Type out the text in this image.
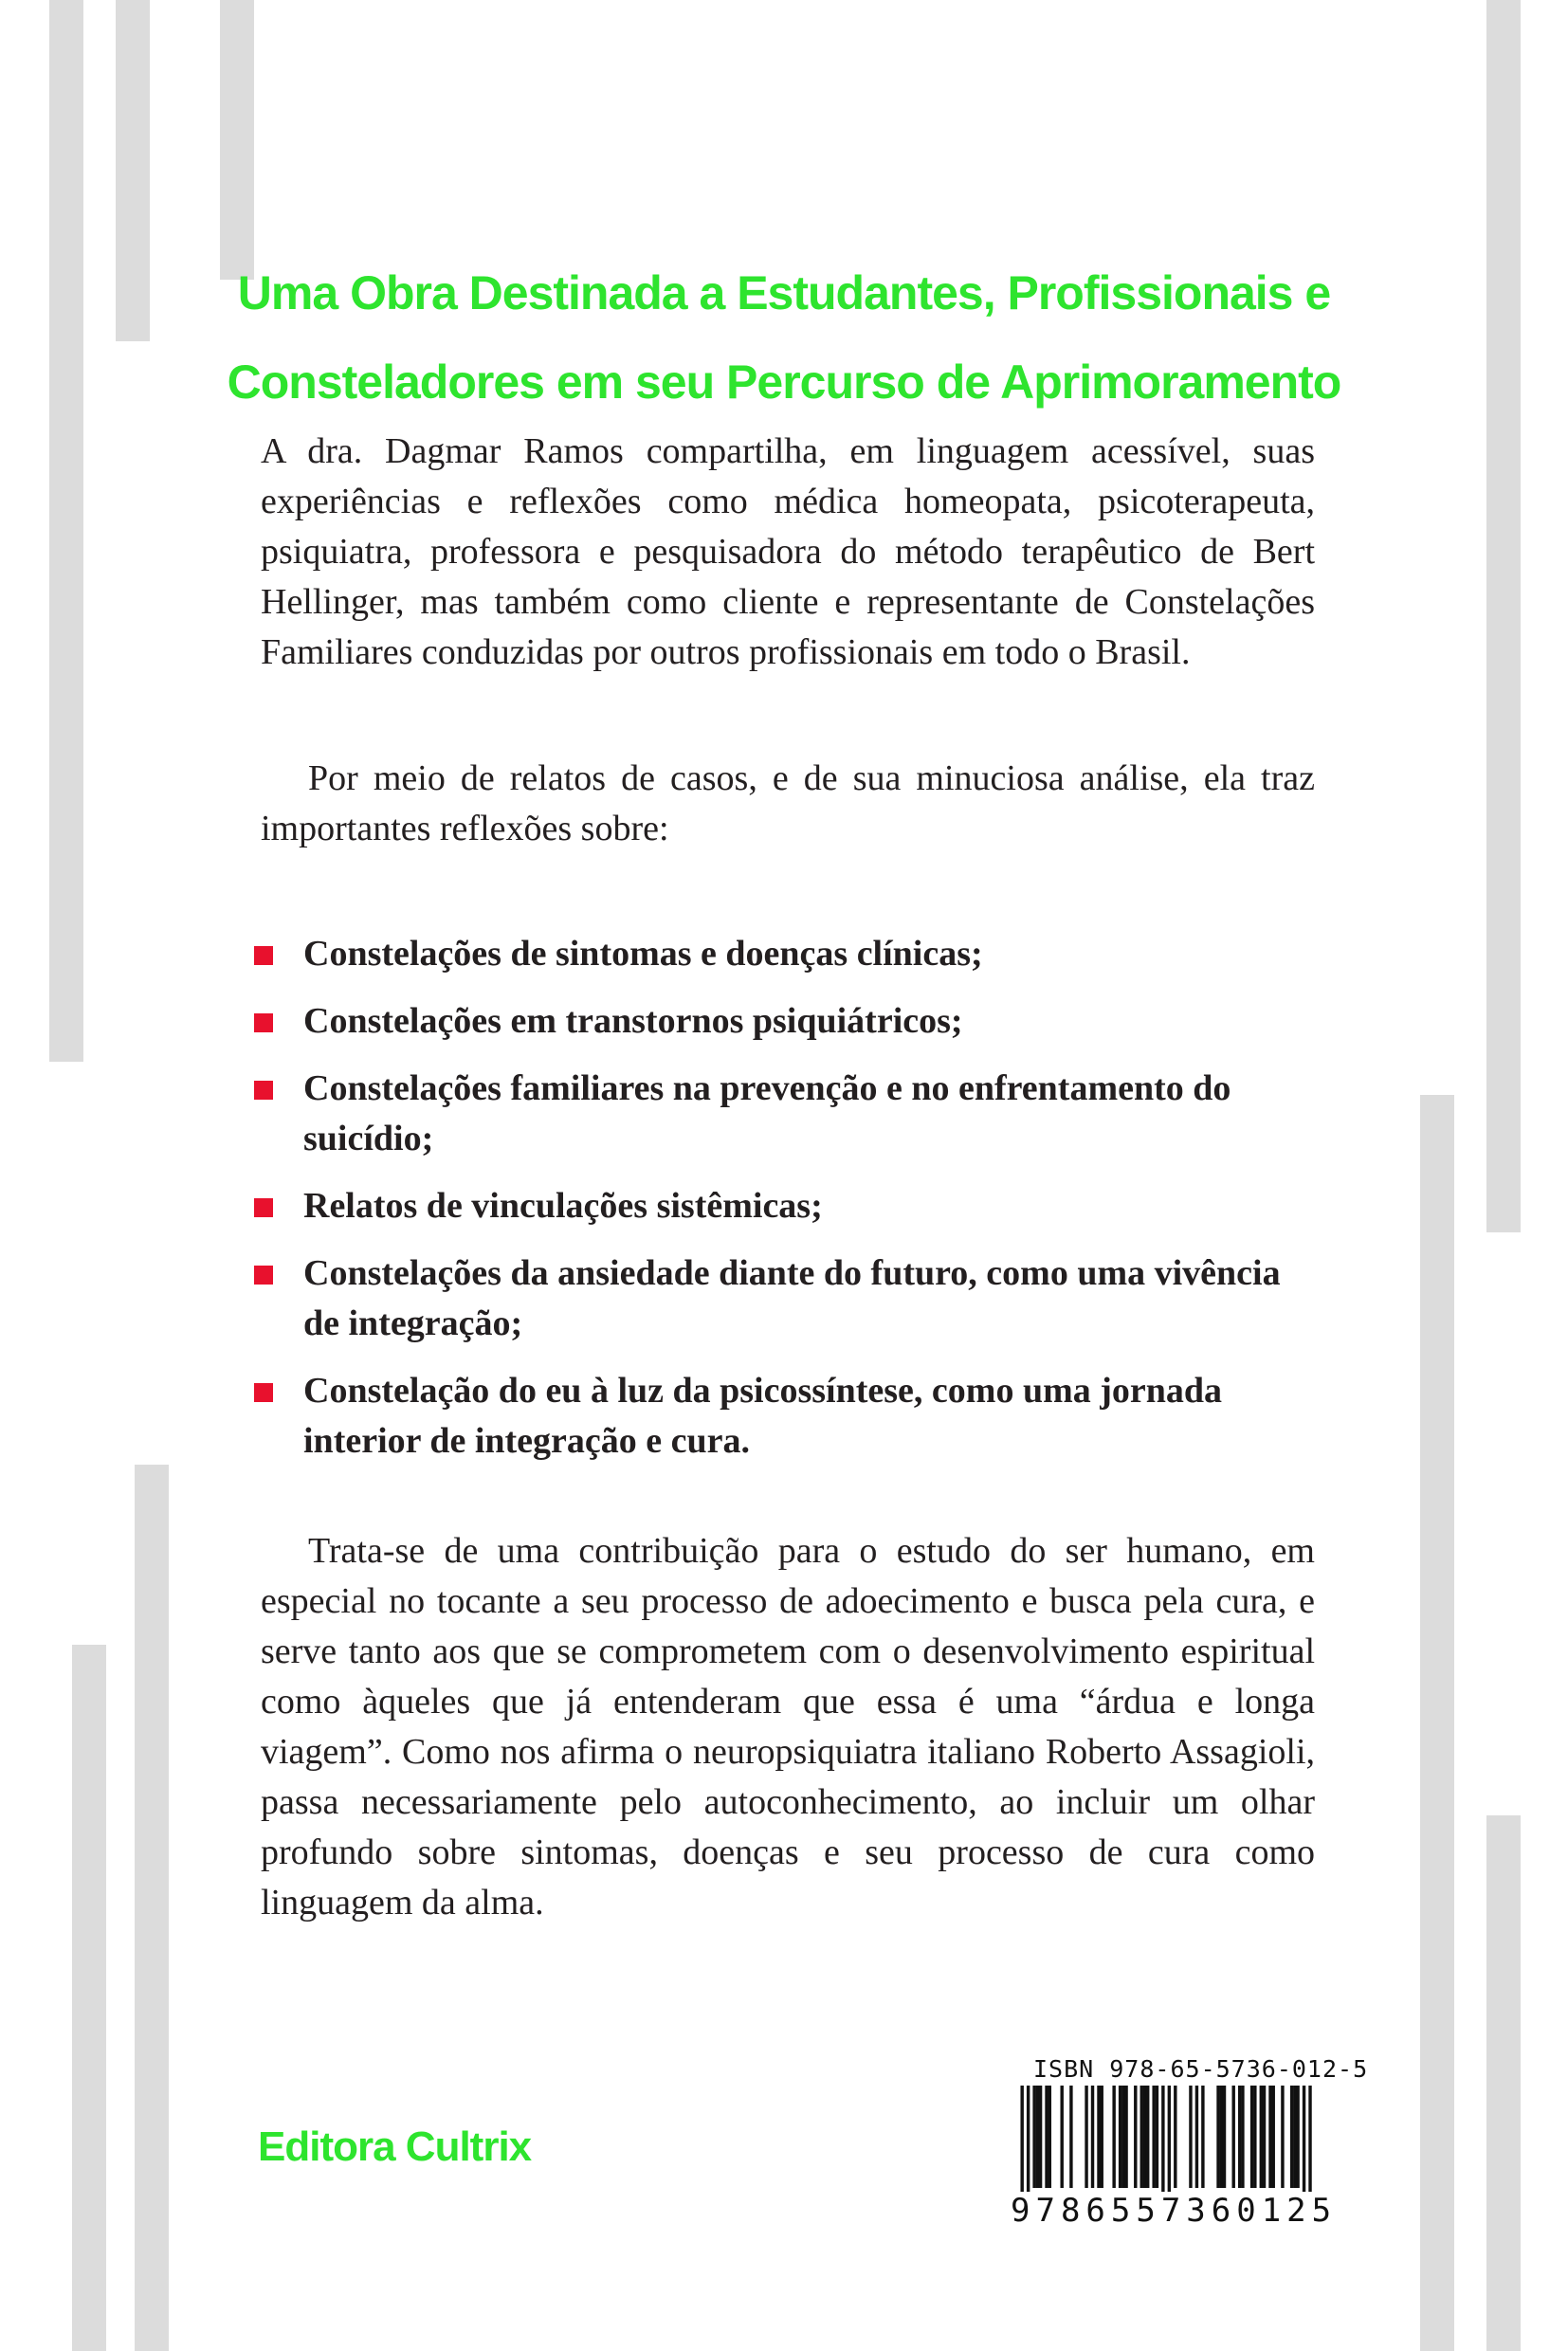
Uma Obra Destinada a Estudantes, Profissionais e
Consteladores em seu Percurso de Aprimoramento

A dra. Dagmar Ramos compartilha, em linguagem acessível, suas experiências e reflexões como médica homeopata, psicoterapeuta, psiquiatra, professora e pesquisadora do método terapêutico de Bert Hellinger, mas também como cliente e representante de Constelações Familiares conduzidas por outros profissionais em todo o Brasil.

Por meio de relatos de casos, e de sua minuciosa análise, ela traz importantes reflexões sobre:

Constelações de sintomas e doenças clínicas;
Constelações em transtornos psiquiátricos;
Constelações familiares na prevenção e no enfrentamento do suicídio;
Relatos de vinculações sistêmicas;
Constelações da ansiedade diante do futuro, como uma vivência de integração;
Constelação do eu à luz da psicossíntese, como uma jornada interior de integração e cura.

Trata-se de uma contribuição para o estudo do ser humano, em especial no tocante a seu processo de adoecimento e busca pela cura, e serve tanto aos que se comprometem com o desenvolvimento espiritual como àqueles que já entenderam que essa é uma “árdua e longa viagem”. Como nos afirma o neuropsiquiatra italiano Roberto Assagioli, passa necessariamente pelo autoconhecimento, ao incluir um olhar profundo sobre sintomas, doenças e seu processo de cura como linguagem da alma.

Editora Cultrix
ISBN 978-65-5736-012-5
9786557360125
